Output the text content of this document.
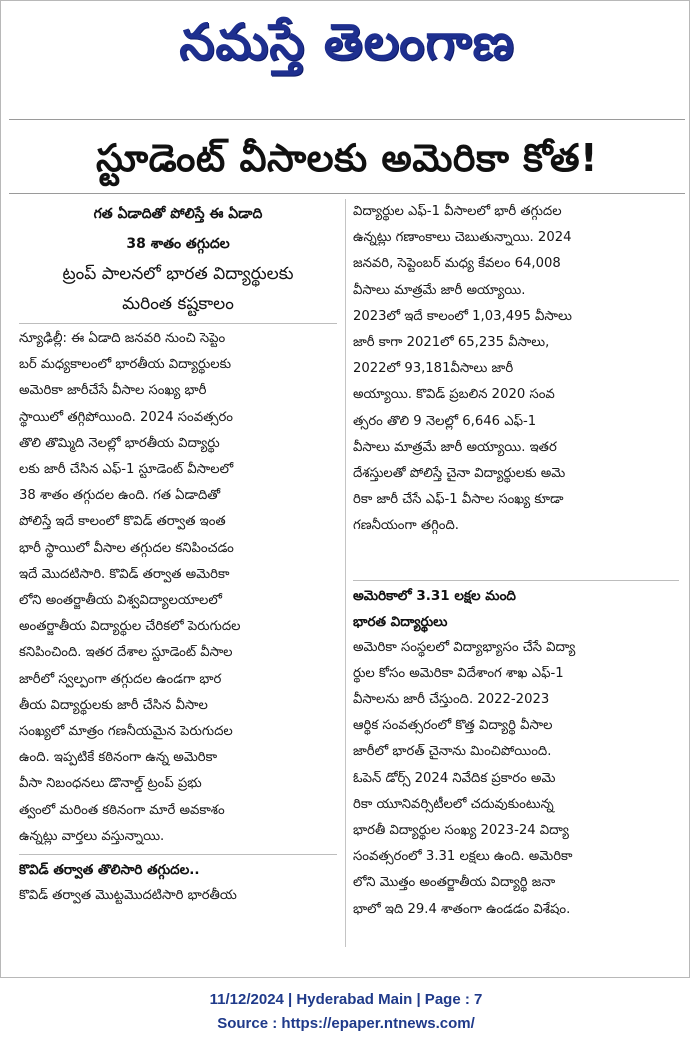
నమస్తే తెలంగాణ
స్టూడెంట్ వీసాలకు అమెరికా కోత!
గత ఏడాదితో పోలిస్తే ఈ ఏడాది
38 శాతం తగ్గుదల
ట్రంప్ పాలనలో భారత విద్యార్థులకు
మరింత కష్టకాలం
న్యూఢిల్లీ: ఈ ఏడాది జనవరి నుంచి సెప్టెం
బర్ మధ్యకాలంలో భారతీయ విద్యార్థులకు
అమెరికా జారీచేసే వీసాల సంఖ్య భారీ
స్థాయిలో తగ్గిపోయింది. 2024 సంవత్సరం
తొలి తొమ్మిది నెలల్లో భారతీయ విద్యార్థు
లకు జారీ చేసిన ఎఫ్-1 స్టూడెంట్ వీసాలలో
38 శాతం తగ్గుదల ఉంది. గత ఏడాదితో
పోలిస్తే ఇదే కాలంలో కొవిడ్ తర్వాత ఇంత
భారీ స్థాయిలో వీసాల తగ్గుదల కనిపించడం
ఇదే మొదటిసారి. కొవిడ్ తర్వాత అమెరికా
లోని అంతర్జాతీయ విశ్వవిద్యాలయాలలో
అంతర్జాతీయ విద్యార్థుల చేరికలో పెరుగుదల
కనిపించింది. ఇతర దేశాల స్టూడెంట్ వీసాల
జారీలో స్వల్పంగా తగ్గుదల ఉండగా భార
తీయ విద్యార్థులకు జారీ చేసిన వీసాల
సంఖ్యలో మాత్రం గణనీయమైన పెరుగుదల
ఉంది. ఇప్పటికే కఠినంగా ఉన్న అమెరికా
వీసా నిబంధనలు డొనాల్డ్ ట్రంప్ ప్రభు
త్వంలో మరింత కఠినంగా మారే అవకాశం
ఉన్నట్లు వార్తలు వస్తున్నాయి.
కొవిడ్ తర్వాత తొలిసారి తగ్గుదల..
కొవిడ్ తర్వాత మొట్టమొదటిసారి భారతీయ
విద్యార్థుల ఎఫ్-1 వీసాలలో భారీ తగ్గుదల
ఉన్నట్లు గణాంకాలు చెబుతున్నాయి. 2024
జనవరి, సెప్టెంబర్ మధ్య కేవలం 64,008
వీసాలు మాత్రమే జారీ అయ్యాయి.
2023లో ఇదే కాలంలో 1,03,495 వీసాలు
జారీ కాగా 2021లో 65,235 వీసాలు,
2022లో 93,181వీసాలు జారీ
అయ్యాయి. కొవిడ్ ప్రబలిన 2020 సంవ
త్సరం తొలి 9 నెలల్లో 6,646 ఎఫ్-1
వీసాలు మాత్రమే జారీ అయ్యాయి. ఇతర
దేశస్తులతో పోలిస్తే చైనా విద్యార్థులకు అమె
రికా జారీ చేసే ఎఫ్-1 వీసాల సంఖ్య కూడా
గణనీయంగా తగ్గింది.
అమెరికాలో 3.31 లక్షల మంది
భారత విద్యార్థులు
అమెరికా సంస్థలలో విద్యాభ్యాసం చేసే విద్యా
ర్థుల కోసం అమెరికా విదేశాంగ శాఖ ఎఫ్-1
వీసాలను జారీ చేస్తుంది. 2022-2023
ఆర్థిక సంవత్సరంలో కొత్త విద్యార్థి వీసాల
జారీలో భారత్ చైనాను మించిపోయింది.
ఓపెన్ డోర్స్ 2024 నివేదిక ప్రకారం అమె
రికా యూనివర్సిటీలలో చదువుకుంటున్న
భారతీ విద్యార్థుల సంఖ్య 2023-24 విద్యా
సంవత్సరంలో 3.31 లక్షలు ఉంది. అమెరికా
లోని మొత్తం అంతర్జాతీయ విద్యార్థి జనా
భాలో ఇది 29.4 శాతంగా ఉండడం విశేషం.
11/12/2024 | Hyderabad Main | Page : 7
Source : https://epaper.ntnews.com/
